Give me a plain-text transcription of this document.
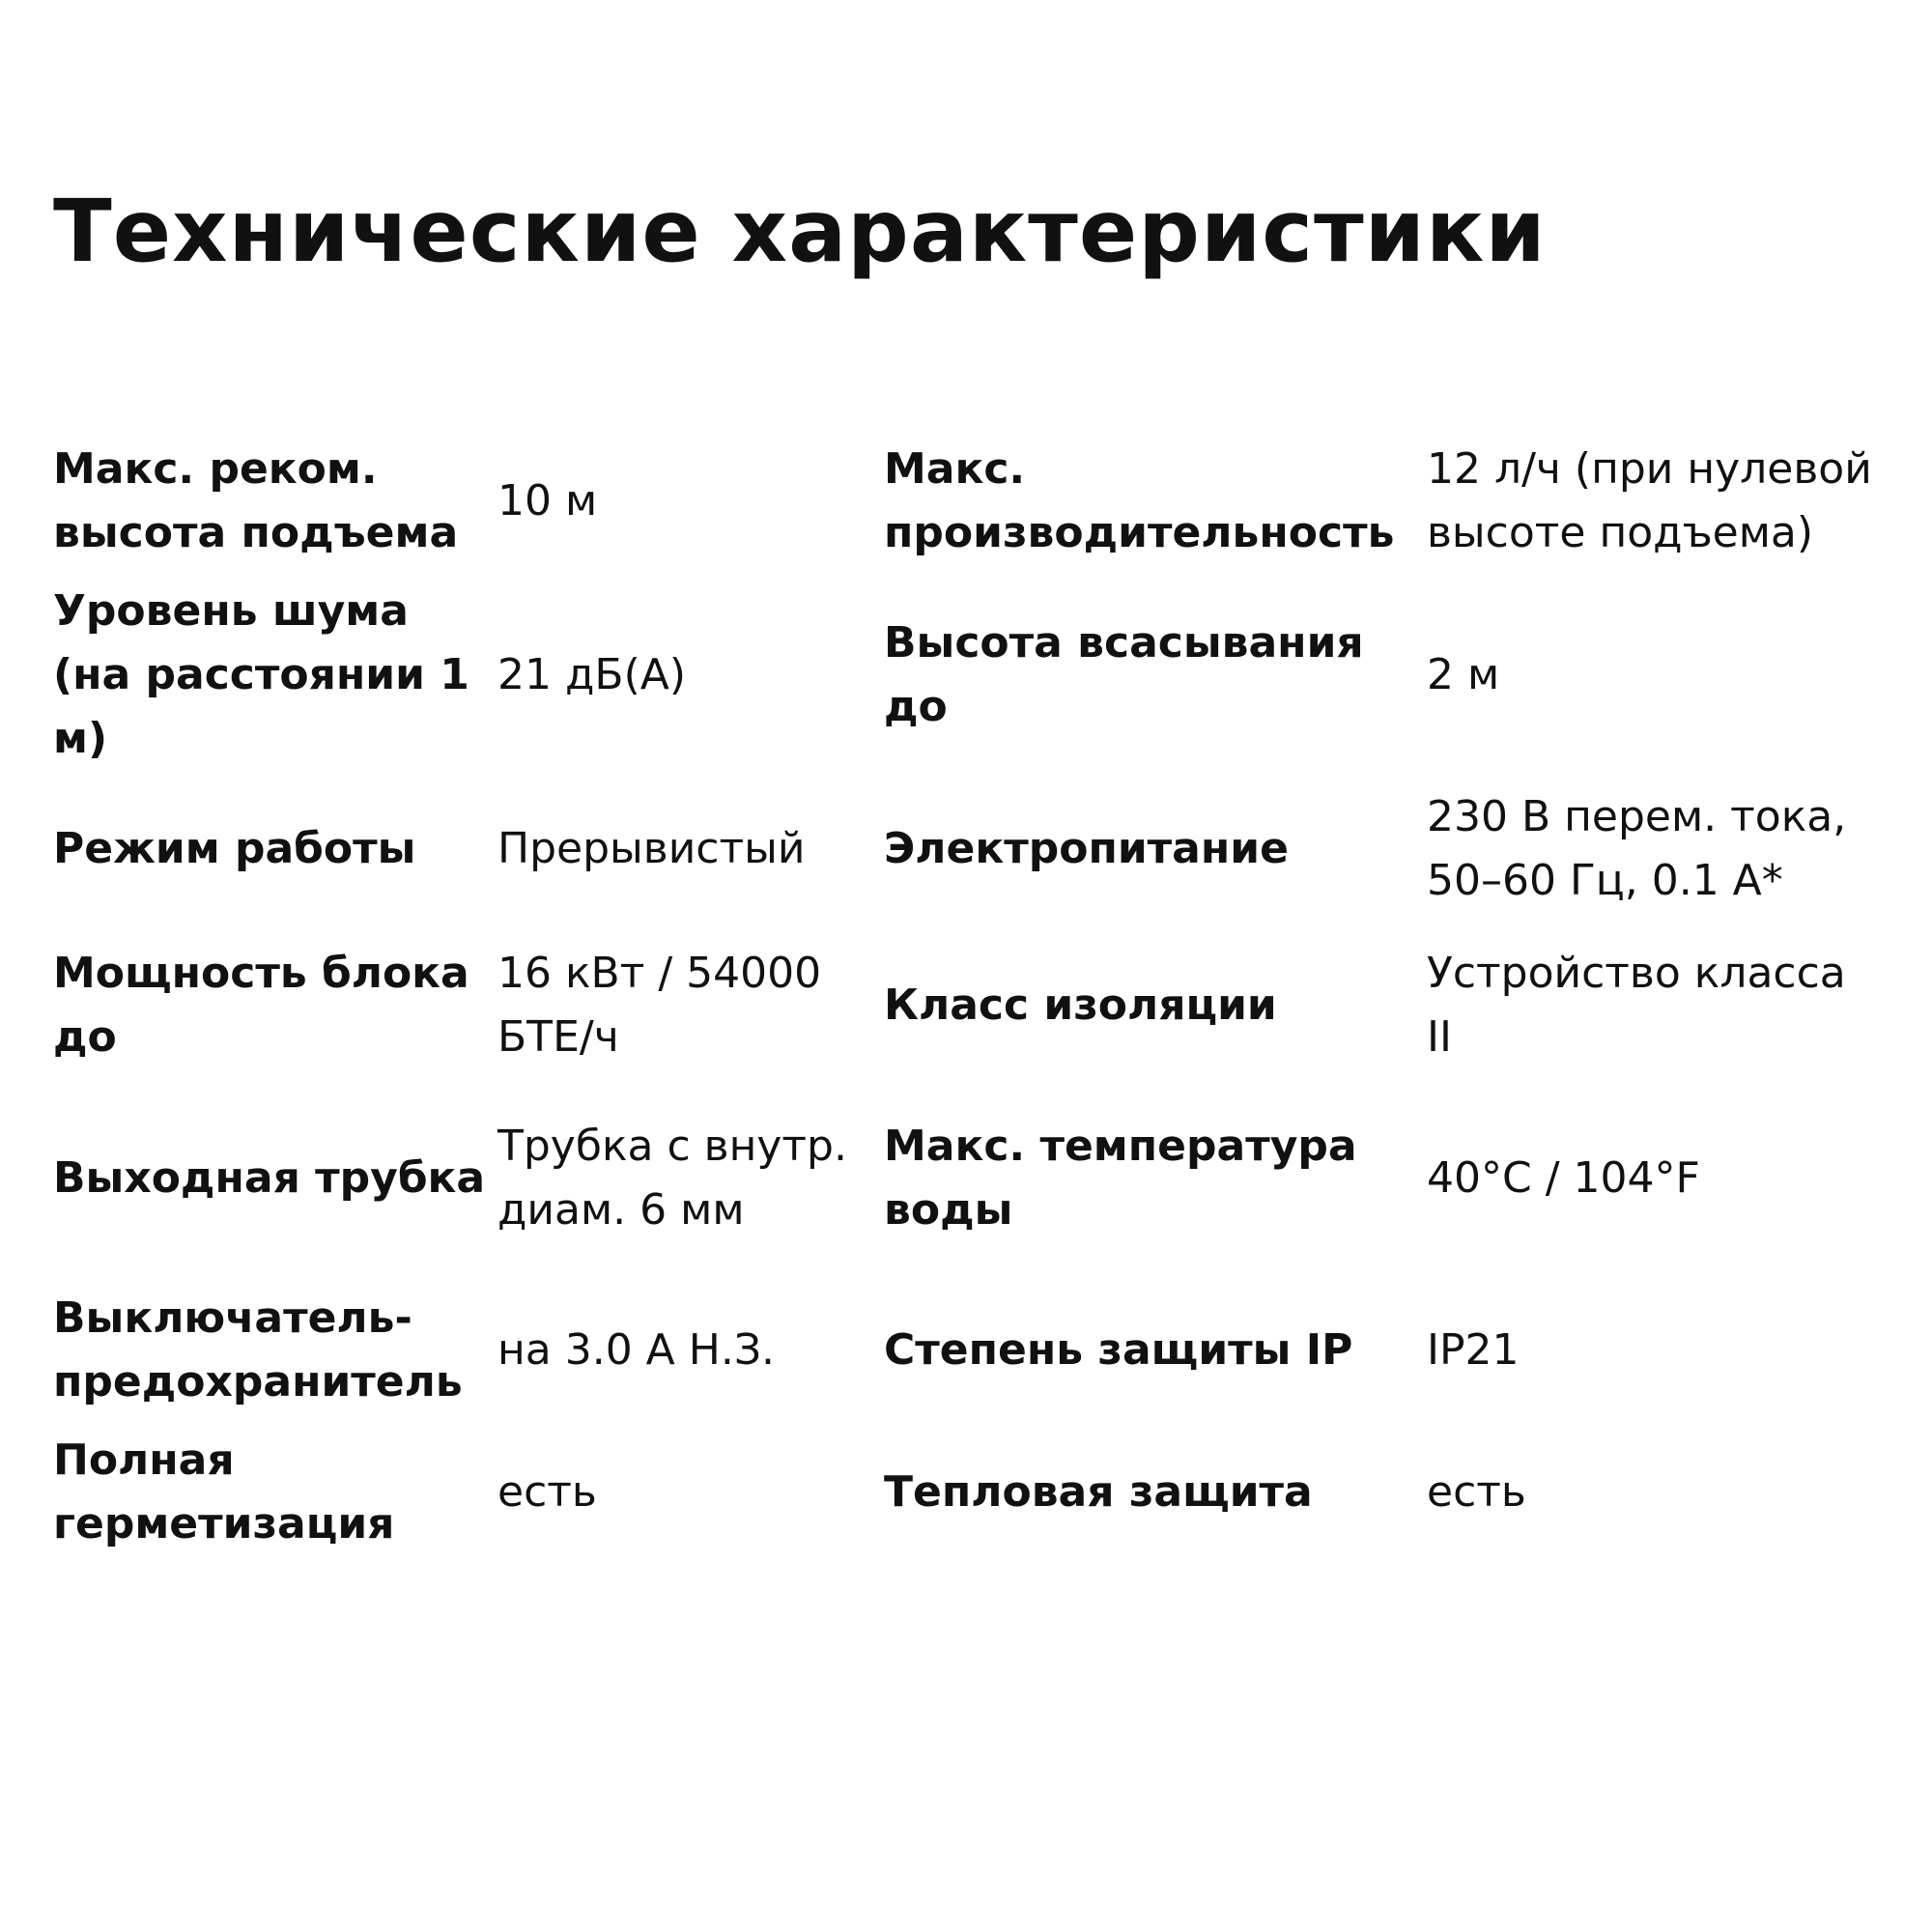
Технические характеристики
Макс. реком. высота подъема	10 м	Макс. производительность	12 л/ч (при нулевой высоте подъема)
Уровень шума (на расстоянии 1 м)	21 дБ(А)	Высота всасывания до	2 м
Режим работы	Прерывистый	Электропитание	230 В перем. тока, 50–60 Гц, 0.1 А*
Мощность блока до	16 кВт / 54000 БТЕ/ч	Класс изоляции	Устройство класса II
Выходная трубка	Трубка с внутр. диам. 6 мм	Макс. температура воды	40°C / 104°F
Выключатель-предохранитель	на 3.0 А Н.З.	Степень защиты IP	IP21
Полная герметизация	есть	Тепловая защита	есть
